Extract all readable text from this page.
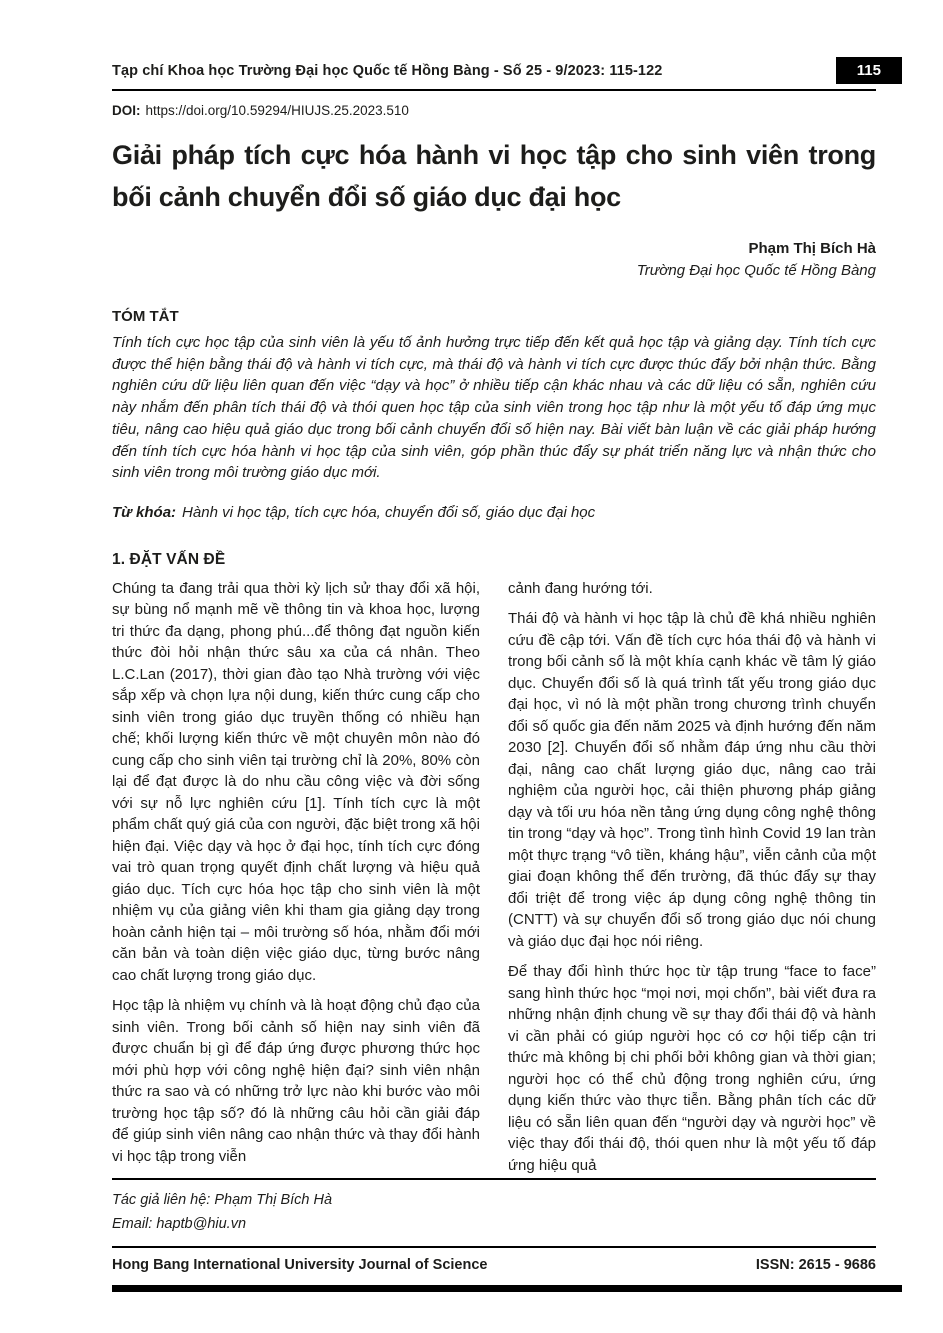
Tạp chí Khoa học Trường Đại học Quốc tế Hồng Bàng - Số 25 - 9/2023: 115-122	115
DOI: https://doi.org/10.59294/HIUJS.25.2023.510
Giải pháp tích cực hóa hành vi học tập cho sinh viên trong bối cảnh chuyển đổi số giáo dục đại học
Phạm Thị Bích Hà
Trường Đại học Quốc tế Hồng Bàng
TÓM TẮT
Tính tích cực học tập của sinh viên là yếu tố ảnh hưởng trực tiếp đến kết quả học tập và giảng dạy. Tính tích cực được thể hiện bằng thái độ và hành vi tích cực, mà thái độ và hành vi tích cực được thúc đẩy bởi nhận thức. Bằng nghiên cứu dữ liệu liên quan đến việc “dạy và học” ở nhiều tiếp cận khác nhau và các dữ liệu có sẵn, nghiên cứu này nhắm đến phân tích thái độ và thói quen học tập của sinh viên trong học tập như là một yếu tố đáp ứng mục tiêu, nâng cao hiệu quả giáo dục trong bối cảnh chuyển đổi số hiện nay. Bài viết bàn luận về các giải pháp hướng đến tính tích cực hóa hành vi học tập của sinh viên, góp phần thúc đẩy sự phát triển năng lực và nhận thức cho sinh viên trong môi trường giáo dục mới.
Từ khóa: Hành vi học tập, tích cực hóa, chuyển đổi số, giáo dục đại học
1. ĐẶT VẤN ĐỀ

Chúng ta đang trải qua thời kỳ lịch sử thay đổi xã hội, sự bùng nổ mạnh mẽ về thông tin và khoa học, lượng tri thức đa dạng, phong phú...để thông đạt nguồn kiến thức đòi hỏi nhận thức sâu xa của cá nhân. Theo L.C.Lan (2017), thời gian đào tạo Nhà trường với việc sắp xếp và chọn lựa nội dung, kiến thức cung cấp cho sinh viên trong giáo dục truyền thống có nhiều hạn chế; khối lượng kiến thức về một chuyên môn nào đó cung cấp cho sinh viên tại trường chỉ là 20%, 80% còn lại để đạt được là do nhu cầu công việc và đời sống với sự nỗ lực nghiên cứu [1]. Tính tích cực là một phẩm chất quý giá của con người, đặc biệt trong xã hội hiện đại. Việc dạy và học ở đại học, tính tích cực đóng vai trò quan trọng quyết định chất lượng và hiệu quả giáo dục. Tích cực hóa học tập cho sinh viên là một nhiệm vụ của giảng viên khi tham gia giảng dạy trong hoàn cảnh hiện tại – môi trường số hóa, nhằm đổi mới căn bản và toàn diện việc giáo dục, từng bước nâng cao chất lượng trong giáo dục.

Học tập là nhiệm vụ chính và là hoạt động chủ đạo của sinh viên. Trong bối cảnh số hiện nay sinh viên đã được chuẩn bị gì để đáp ứng được phương thức học mới phù hợp với công nghệ hiện đại? sinh viên nhận thức ra sao và có những trở lực nào khi bước vào môi trường học tập số? đó là những câu hỏi cần giải đáp để giúp sinh viên nâng cao nhận thức và thay đổi hành vi học tập trong viễn

cảnh đang hướng tới.

Thái độ và hành vi học tập là chủ đề khá nhiều nghiên cứu đề cập tới. Vấn đề tích cực hóa thái độ và hành vi trong bối cảnh số là một khía cạnh khác về tâm lý giáo dục. Chuyển đổi số là quá trình tất yếu trong giáo dục đại học, vì nó là một phần trong chương trình chuyển đổi số quốc gia đến năm 2025 và định hướng đến năm 2030 [2]. Chuyển đổi số nhằm đáp ứng nhu cầu thời đại, nâng cao chất lượng giáo dục, nâng cao trải nghiệm của người học, cải thiện phương pháp giảng dạy và tối ưu hóa nền tảng ứng dụng công nghệ thông tin trong “dạy và học”. Trong tình hình Covid 19 lan tràn một thực trạng “vô tiền, kháng hậu”, viễn cảnh của một giai đoạn không thể đến trường, đã thúc đẩy sự thay đổi triệt để trong việc áp dụng công nghệ thông tin (CNTT) và sự chuyển đổi số trong giáo dục nói chung và giáo dục đại học nói riêng.

Để thay đổi hình thức học từ tập trung “face to face” sang hình thức học “mọi nơi, mọi chốn”, bài viết đưa ra những nhận định chung về sự thay đổi thái độ và hành vi cần phải có giúp người học có cơ hội tiếp cận tri thức mà không bị chi phối bởi không gian và thời gian; người học có thể chủ động trong nghiên cứu, ứng dụng kiến thức vào thực tiễn. Bằng phân tích các dữ liệu có sẵn liên quan đến “người dạy và người học” về việc thay đổi thái độ, thói quen như là một yếu tố đáp ứng hiệu quả

Tác giả liên hệ: Phạm Thị Bích Hà
Email: haptb@hiu.vn
Hong Bang International University Journal of Science	ISSN: 2615 - 9686
